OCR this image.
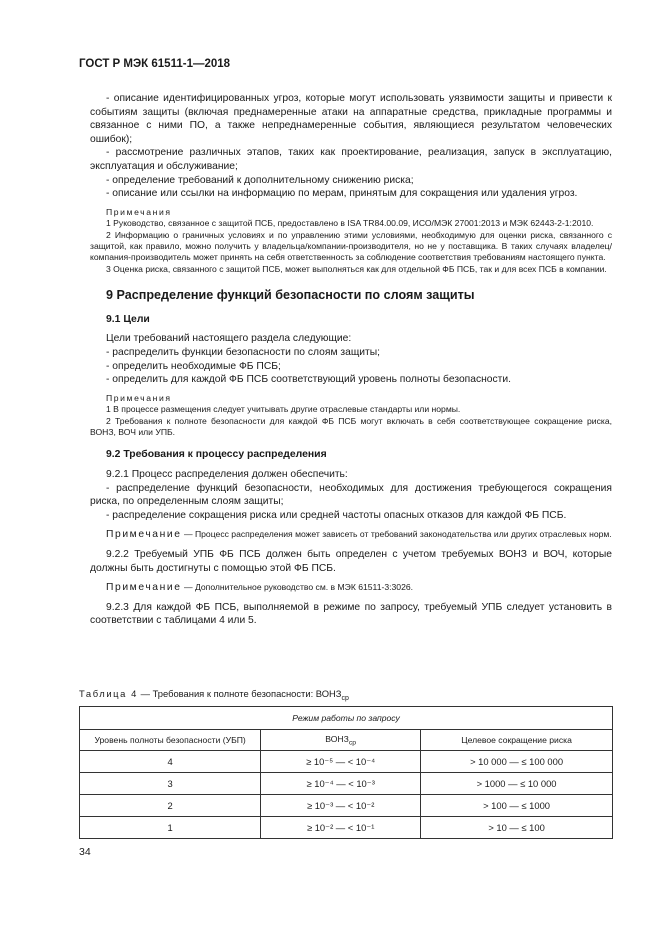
ГОСТ Р МЭК 61511-1—2018

- описание идентифицированных угроз, которые могут использовать уязвимости защиты и привести к событиям защиты (включая преднамеренные атаки на аппаратные средства, прикладные программы и связанное с ними ПО, а также непреднамеренные события, являющиеся результатом человеческих ошибок);

- рассмотрение различных этапов, таких как проектирование, реализация, запуск в эксплуатацию, эксплуатация и обслуживание;

- определение требований к дополнительному снижению риска;

- описание или ссылки на информацию по мерам, принятым для сокращения или удаления угроз.

Примечания

1 Руководство, связанное с защитой ПСБ, предоставлено в ISA TR84.00.09, ИСО/МЭК 27001:2013 и МЭК 62443-2-1:2010.

2 Информацию о граничных условиях и по управлению этими условиями, необходимую для оценки риска, связанного с защитой, как правило, можно получить у владельца/компании-производителя, но не у поставщика. В таких случаях владелец/компания-производитель может принять на себя ответственность за соблюдение соответствия требованиям настоящего пункта.

3 Оценка риска, связанного с защитой ПСБ, может выполняться как для отдельной ФБ ПСБ, так и для всех ПСБ в компании.

9 Распределение функций безопасности по слоям защиты

9.1 Цели

Цели требований настоящего раздела следующие:

- распределить функции безопасности по слоям защиты;

- определить необходимые ФБ ПСБ;

- определить для каждой ФБ ПСБ соответствующий уровень полноты безопасности.

Примечания

1 В процессе размещения следует учитывать другие отраслевые стандарты или нормы.

2 Требования к полноте безопасности для каждой ФБ ПСБ могут включать в себя соответствующее сокращение риска, ВОНЗ, ВОЧ или УПБ.

9.2 Требования к процессу распределения

9.2.1 Процесс распределения должен обеспечить:

- распределение функций безопасности, необходимых для достижения требующегося сокращения риска, по определенным слоям защиты;

- распределение сокращения риска или средней частоты опасных отказов для каждой ФБ ПСБ.

Примечание — Процесс распределения может зависеть от требований законодательства или других отраслевых норм.

9.2.2 Требуемый УПБ ФБ ПСБ должен быть определен с учетом требуемых ВОНЗ и ВОЧ, которые должны быть достигнуты с помощью этой ФБ ПСБ.

Примечание — Дополнительное руководство см. в МЭК 61511-3:3026.

9.2.3 Для каждой ФБ ПСБ, выполняемой в режиме по запросу, требуемый УПБ следует установить в соответствии с таблицами 4 или 5.

Таблица 4 — Требования к полноте безопасности: $ВОНЗ_{ср}$
Режим работы по запросу		
Уровень полноты безопасности (УБП)	$ВОНЗ_{ср}$	Целевое сокращение риска
4	≥ 10⁻⁵ — < 10⁻⁴	> 10 000 — ≤ 100 000
3	≥ 10⁻⁴ — < 10⁻³	> 1000 — ≤ 10 000
2	≥ 10⁻³ — < 10⁻²	> 100 — ≤ 1000
1	≥ 10⁻² — < 10⁻¹	> 10 — ≤ 100
34
